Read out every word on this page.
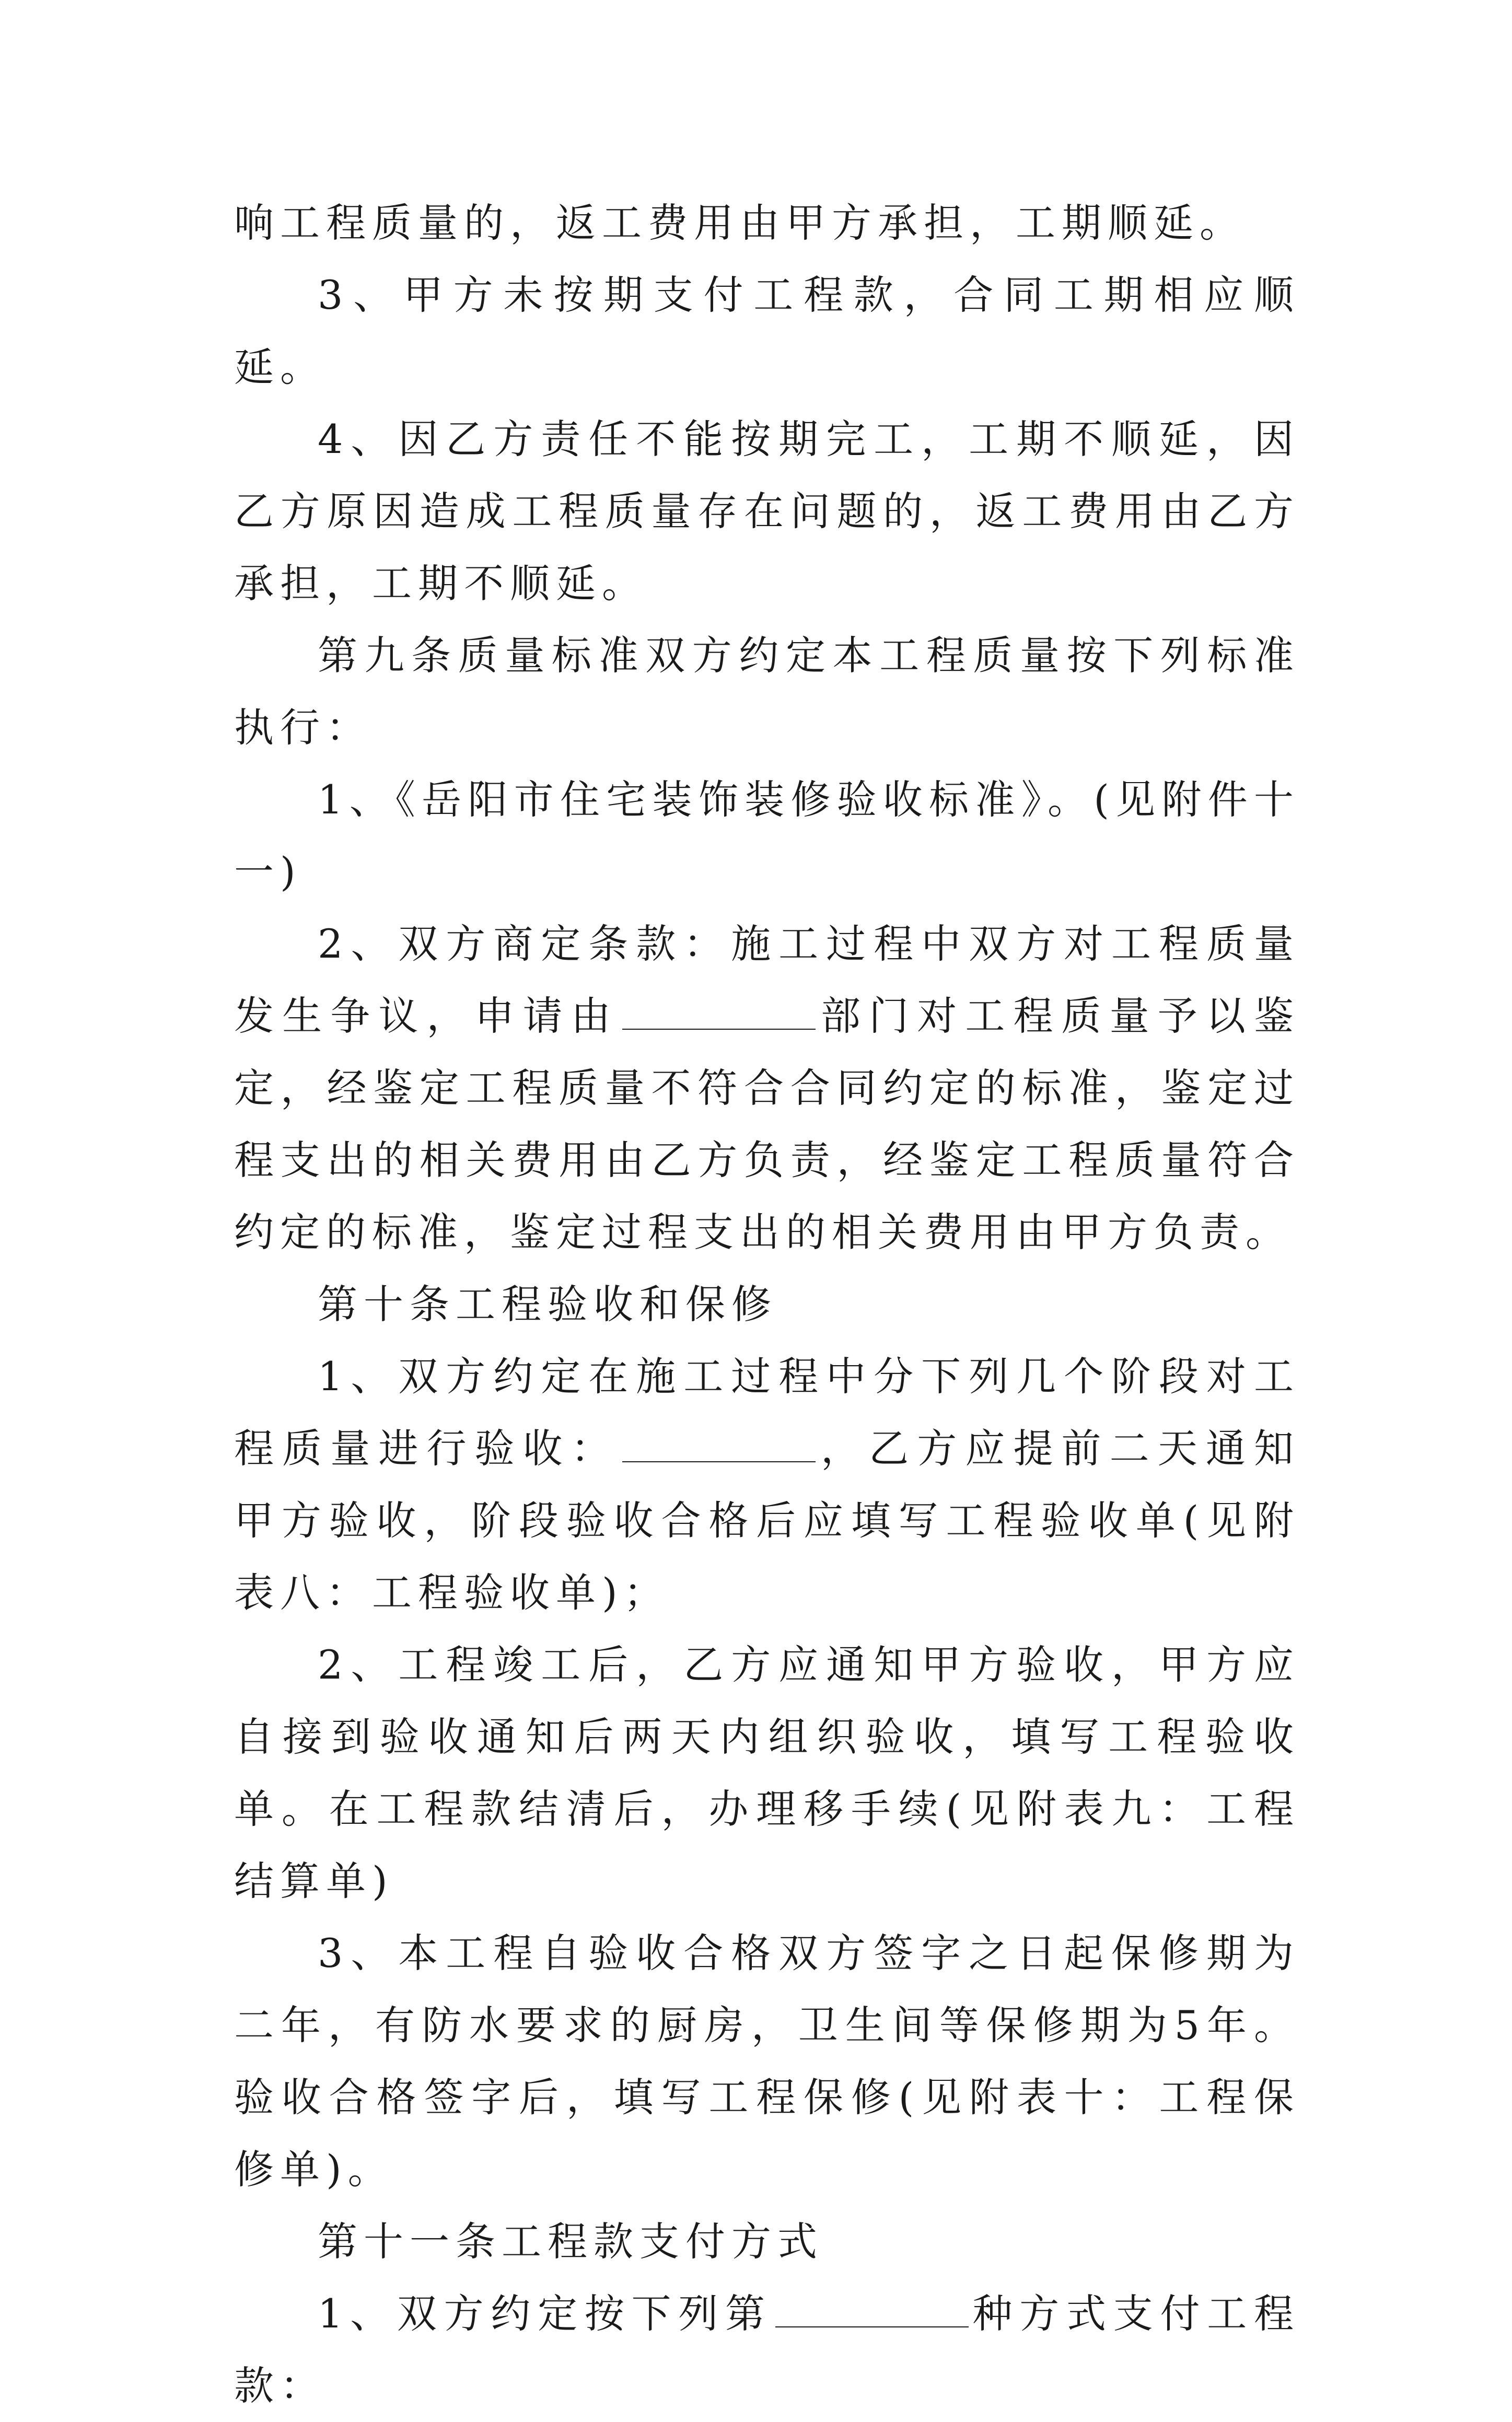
响工程质量的，返工费用由甲方承担，工期顺延。

3、甲方未按期支付工程款，合同工期相应顺延。

4、因乙方责任不能按期完工，工期不顺延，因乙方原因造成工程质量存在问题的，返工费用由乙方承担，工期不顺延。

第九条质量标准双方约定本工程质量按下列标准执行：

1、《岳阳市住宅装饰装修验收标准》。(见附件十一)

2、双方商定条款：施工过程中双方对工程质量发生争议，申请由	部门对工程质量予以鉴定，经鉴定工程质量不符合合同约定的标准，鉴定过程支出的相关费用由乙方负责，经鉴定工程质量符合约定的标准，鉴定过程支出的相关费用由甲方负责。

第十条工程验收和保修

1、双方约定在施工过程中分下列几个阶段对工程质量进行验收：	，乙方应提前二天通知甲方验收，阶段验收合格后应填写工程验收单(见附表八：工程验收单)；

2、工程竣工后，乙方应通知甲方验收，甲方应自接到验收通知后两天内组织验收，填写工程验收单。在工程款结清后，办理移手续(见附表九：工程结算单)

3、本工程自验收合格双方签字之日起保修期为二年，有防水要求的厨房，卫生间等保修期为5年。验收合格签字后，填写工程保修(见附表十：工程保修单)。

第十一条工程款支付方式

1、双方约定按下列第	种方式支付工程款：
